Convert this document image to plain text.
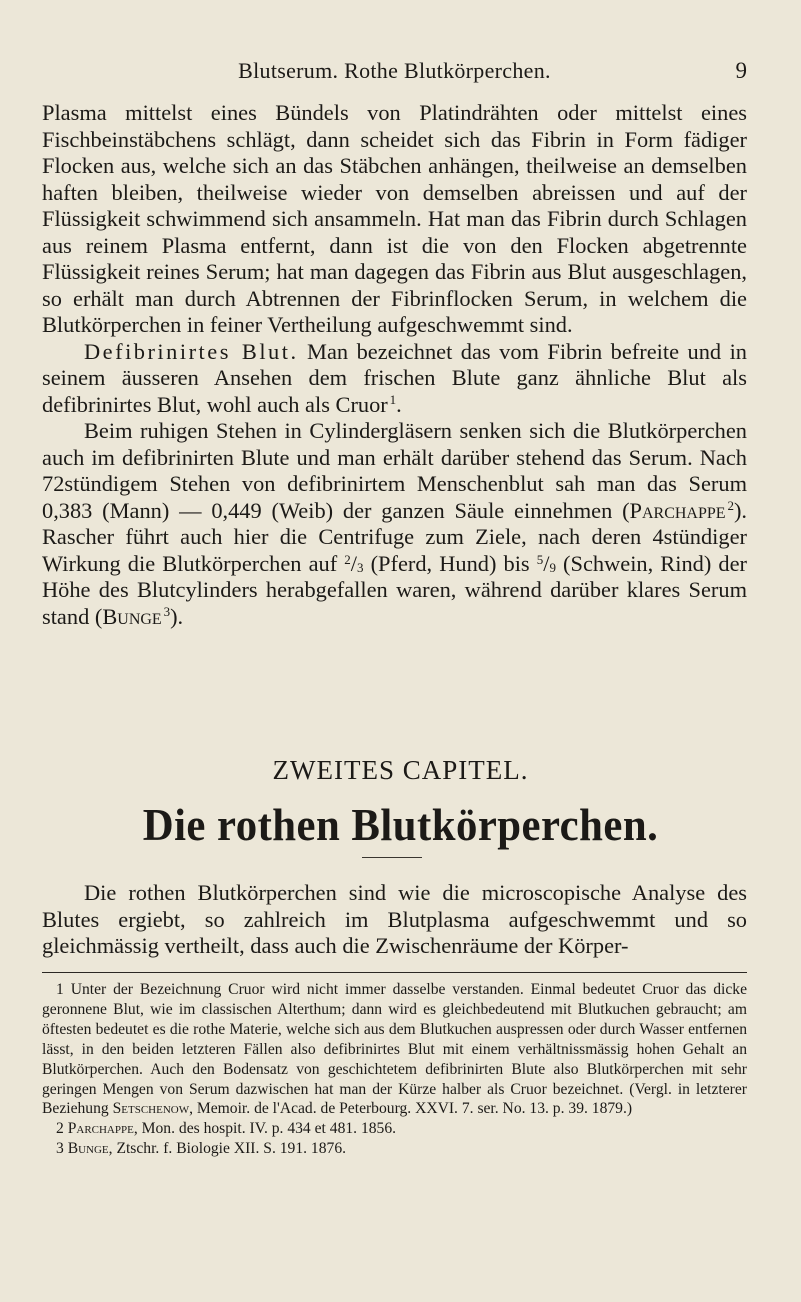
Blutserum. Rothe Blutkörperchen.	9

Plasma mittelst eines Bündels von Platindrähten oder mittelst eines Fischbeinstäbchens schlägt, dann scheidet sich das Fibrin in Form fädiger Flocken aus, welche sich an das Stäbchen anhängen, theilweise an demselben haften bleiben, theilweise wieder von demselben abreissen und auf der Flüssigkeit schwimmend sich ansammeln. Hat man das Fibrin durch Schlagen aus reinem Plasma entfernt, dann ist die von den Flocken abgetrennte Flüssigkeit reines Serum; hat man dagegen das Fibrin aus Blut ausgeschlagen, so erhält man durch Abtrennen der Fibrinflocken Serum, in welchem die Blutkörperchen in feiner Vertheilung aufgeschwemmt sind.

Defibrinirtes Blut. Man bezeichnet das vom Fibrin befreite und in seinem äusseren Ansehen dem frischen Blute ganz ähnliche Blut als defibrinirtes Blut, wohl auch als Cruor  $^1$.

Beim ruhigen Stehen in Cylindergläsern senken sich die Blutkörperchen auch im defibrinirten Blute und man erhält darüber stehend das Serum. Nach 72stündigem Stehen von defibrinirtem Menschenblut sah man das Serum 0,383 (Mann) — 0,449 (Weib) der ganzen Säule einnehmen (Parchappe  $^2$). Rascher führt auch hier die Centrifuge zum Ziele, nach deren 4stündiger Wirkung die Blutkörperchen auf $^2/_3$ (Pferd, Hund) bis $^5/_9$ (Schwein, Rind) der Höhe des Blutcylinders herabgefallen waren, während darüber klares Serum stand (Bunge  $^3$).

ZWEITES CAPITEL.
Die rothen Blutkörperchen.

Die rothen Blutkörperchen sind wie die microscopische Analyse des Blutes ergiebt, so zahlreich im Blutplasma aufgeschwemmt und so gleichmässig vertheilt, dass auch die Zwischenräume der Körper-

1 Unter der Bezeichnung Cruor wird nicht immer dasselbe verstanden. Einmal bedeutet Cruor das dicke geronnene Blut, wie im classischen Alterthum; dann wird es gleichbedeutend mit Blutkuchen gebraucht; am öftesten bedeutet es die rothe Materie, welche sich aus dem Blutkuchen auspressen oder durch Wasser entfernen lässt, in den beiden letzteren Fällen also defibrinirtes Blut mit einem verhältnissmässig hohen Gehalt an Blutkörperchen. Auch den Bodensatz von geschichtetem defibrinirten Blute also Blutkörperchen mit sehr geringen Mengen von Serum dazwischen hat man der Kürze halber als Cruor bezeichnet. (Vergl. in letzterer Beziehung Setschenow, Memoir. de l'Acad. de Peterbourg. XXVI. 7. ser. No. 13. p. 39. 1879.)

2 Parchappe, Mon. des hospit. IV. p. 434 et 481. 1856.

3 Bunge, Ztschr. f. Biologie XII. S. 191. 1876.
